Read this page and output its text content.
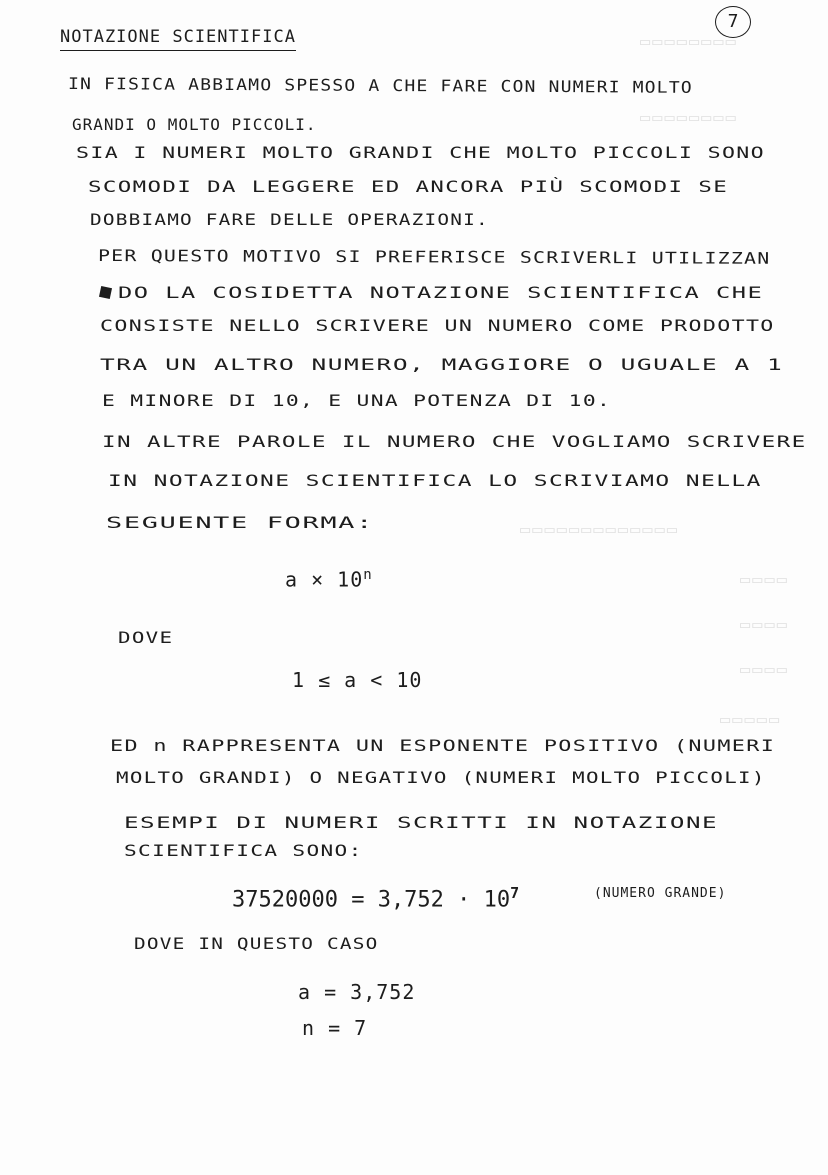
▭▭▭▭▭▭▭▭
▭▭▭▭▭▭▭▭
▭▭▭▭▭▭▭▭▭▭▭▭▭
▭▭▭▭
▭▭▭▭
▭▭▭▭
▭▭▭▭▭
NOTAZIONE SCIENTIFICA
7
IN FISICA ABBIAMO SPESSO A CHE FARE CON NUMERI MOLTO
GRANDI O MOLTO PICCOLI.
SIA I NUMERI MOLTO GRANDI CHE MOLTO PICCOLI SONO
SCOMODI DA LEGGERE ED ANCORA PIÙ SCOMODI SE
DOBBIAMO FARE DELLE OPERAZIONI.
PER QUESTO MOTIVO SI PREFERISCE SCRIVERLI UTILIZZAN
DO LA COSIDETTA NOTAZIONE SCIENTIFICA CHE
CONSISTE NELLO SCRIVERE UN NUMERO COME PRODOTTO
TRA UN ALTRO NUMERO, MAGGIORE O UGUALE A 1
E MINORE DI 10, E UNA POTENZA DI 10.
IN ALTRE PAROLE IL NUMERO CHE VOGLIAMO SCRIVERE
IN NOTAZIONE SCIENTIFICA LO SCRIVIAMO NELLA
SEGUENTE FORMA:
$a \times 10^n$
DOVE
1 ≤ a < 10
ED n RAPPRESENTA UN ESPONENTE POSITIVO (NUMERI
MOLTO GRANDI) O NEGATIVO (NUMERI MOLTO PICCOLI)
ESEMPI DI NUMERI SCRITTI IN NOTAZIONE
SCIENTIFICA SONO:
$37520000 = 3,752 \cdot 10^7$	(NUMERO GRANDE)
DOVE IN QUESTO CASO
a = 3,752
n = 7
